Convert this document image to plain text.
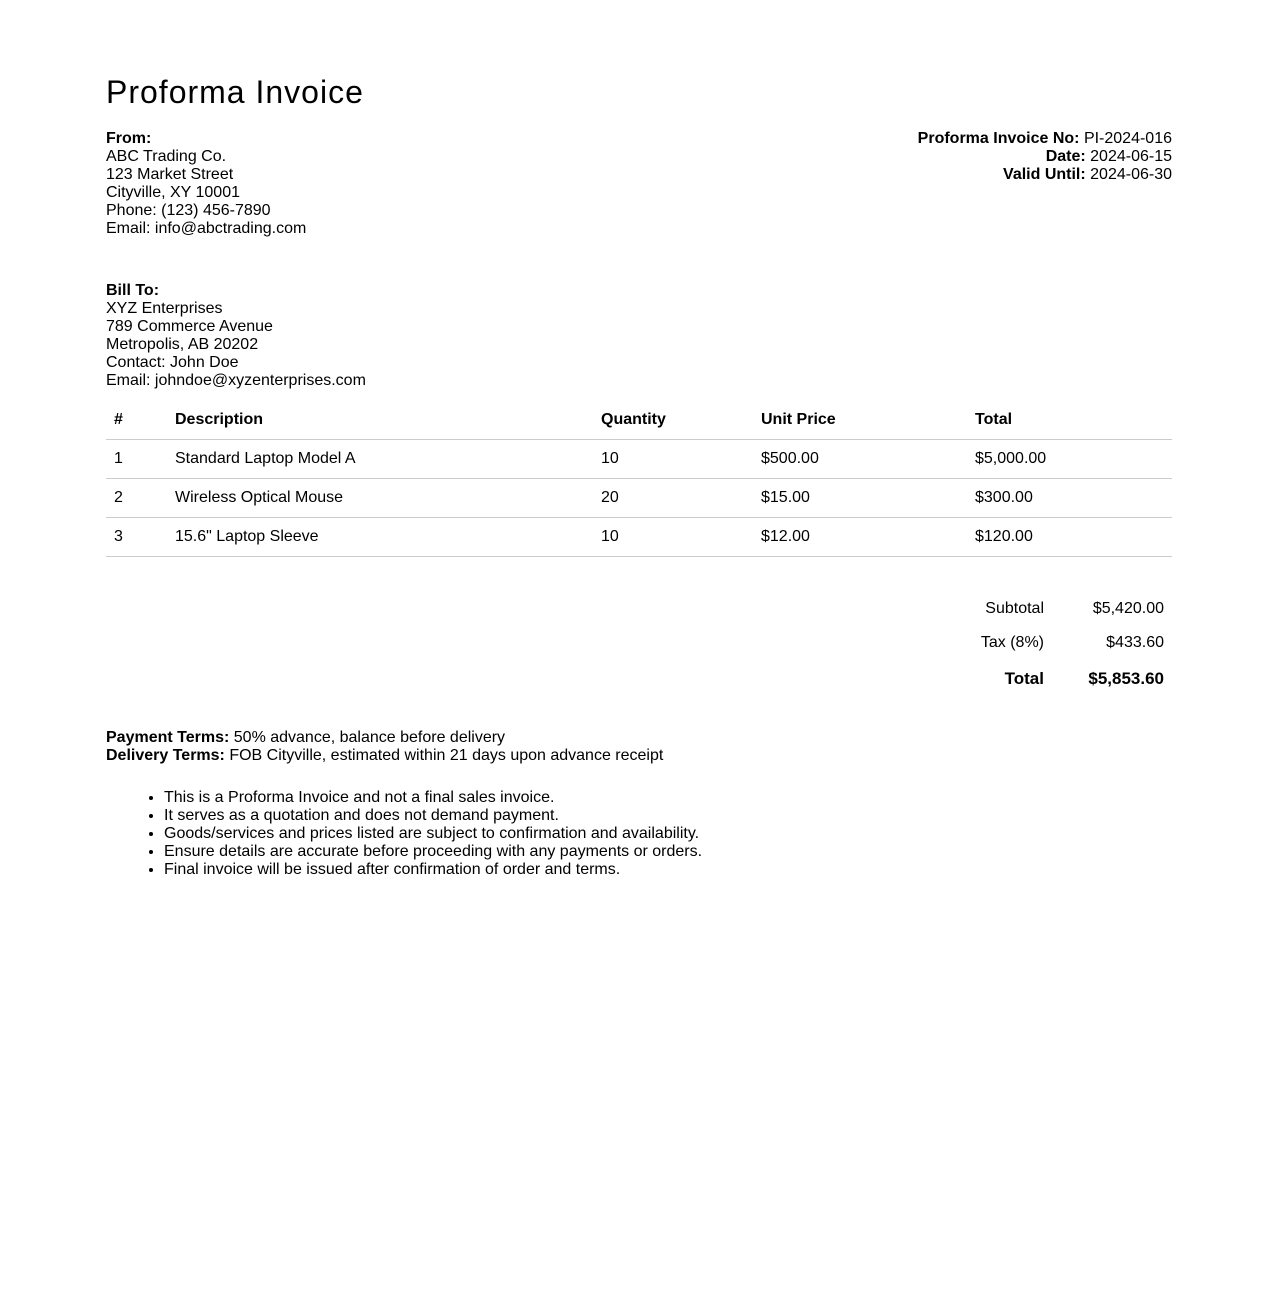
Proforma Invoice
From:
ABC Trading Co.
123 Market Street
Cityville, XY 10001
Phone: (123) 456-7890
Email: info@abctrading.com
Proforma Invoice No: PI-2024-016
Date: 2024-06-15
Valid Until: 2024-06-30
Bill To:
XYZ Enterprises
789 Commerce Avenue
Metropolis, AB 20202
Contact: John Doe
Email: johndoe@xyzenterprises.com
#	Description	Quantity	Unit Price	Total
1	Standard Laptop Model A	10	$500.00	$5,000.00
2	Wireless Optical Mouse	20	$15.00	$300.00
3	15.6" Laptop Sleeve	10	$12.00	$120.00
Subtotal	$5,420.00
Tax (8%)	$433.60
Total	$5,853.60
Payment Terms: 50% advance, balance before delivery
Delivery Terms: FOB Cityville, estimated within 21 days upon advance receipt
• This is a Proforma Invoice and not a final sales invoice.
• It serves as a quotation and does not demand payment.
• Goods/services and prices listed are subject to confirmation and availability.
• Ensure details are accurate before proceeding with any payments or orders.
• Final invoice will be issued after confirmation of order and terms.
